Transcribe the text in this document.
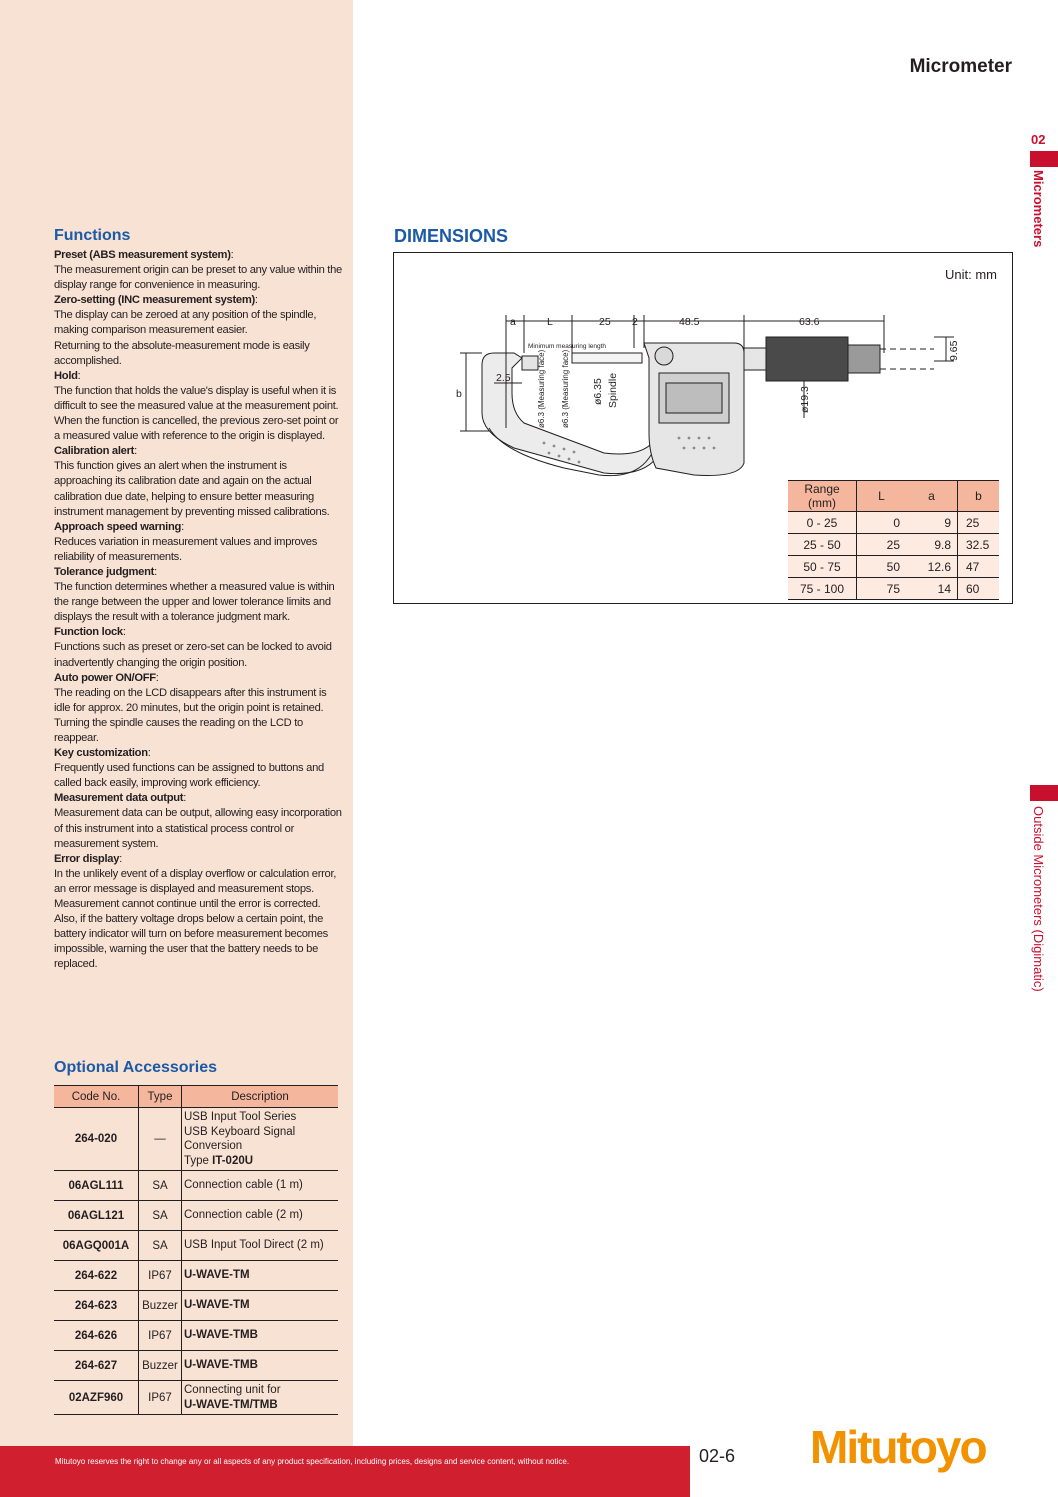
Micrometer
02
Micrometers
Outside Micrometers (Digimatic)
Functions
Preset (ABS measurement system):

The measurement origin can be preset to any value within the display range for convenience in measuring.

Zero-setting (INC measurement system):

The display can be zeroed at any position of the spindle, making comparison measurement easier.

Returning to the absolute-measurement mode is easily accomplished.

Hold:

The function that holds the value's display is useful when it is difficult to see the measured value at the measurement point.

When the function is cancelled, the previous zero-set point or a measured value with reference to the origin is displayed.

Calibration alert:

This function gives an alert when the instrument is approaching its calibration date and again on the actual calibration due date, helping to ensure better measuring instrument management by preventing missed calibrations.

Approach speed warning:

Reduces variation in measurement values and improves reliability of measurements.

Tolerance judgment:

The function determines whether a measured value is within the range between the upper and lower tolerance limits and displays the result with a tolerance judgment mark.

Function lock:

Functions such as preset or zero-set can be locked to avoid inadvertently changing the origin position.

Auto power ON/OFF:

The reading on the LCD disappears after this instrument is idle for approx. 20 minutes, but the origin point is retained. Turning the spindle causes the reading on the LCD to reappear.

Key customization:

Frequently used functions can be assigned to buttons and called back easily, improving work efficiency.

Measurement data output:

Measurement data can be output, allowing easy incorporation of this instrument into a statistical process control or measurement system.

Error display:

In the unlikely event of a display overflow or calculation error, an error message is displayed and measurement stops. Measurement cannot continue until the error is corrected.

Also, if the battery voltage drops below a certain point, the battery indicator will turn on before measurement becomes impossible, warning the user that the battery needs to be replaced.

Optional Accessories
Code No.	Type	Description
264-020	—	USB Input Tool Series
USB Keyboard Signal Conversion
Type IT-020U

06AGL111	SA	Connection cable (1 m)

06AGL121	SA	Connection cable (2 m)

06AGQ001A	SA	USB Input Tool Direct (2 m)

264-622	IP67	U-WAVE-TM

264-623	Buzzer	U-WAVE-TM

264-626	IP67	U-WAVE-TMB

264-627	Buzzer	U-WAVE-TMB

02AZF960	IP67	Connecting unit for
U-WAVE-TM/TMB
DIMENSIONS
Unit: mm
a	L	25 2	48.5	63.6
2.5
b
Minimum measuring length
ø6.3 (Measuring face) ø6.3 (Measuring face) ø6.35 Spindle	ø19.3
9.65
Range (mm)	L	a	b
0 - 25	0	9	25
25 - 50	25	9.8	32.5
50 - 75	50	12.6	47
75 - 100	75	14	60
Mitutoyo reserves the right to change any or all aspects of any product specification, including prices, designs and service content, without notice.	02-6 Mitutoyo
